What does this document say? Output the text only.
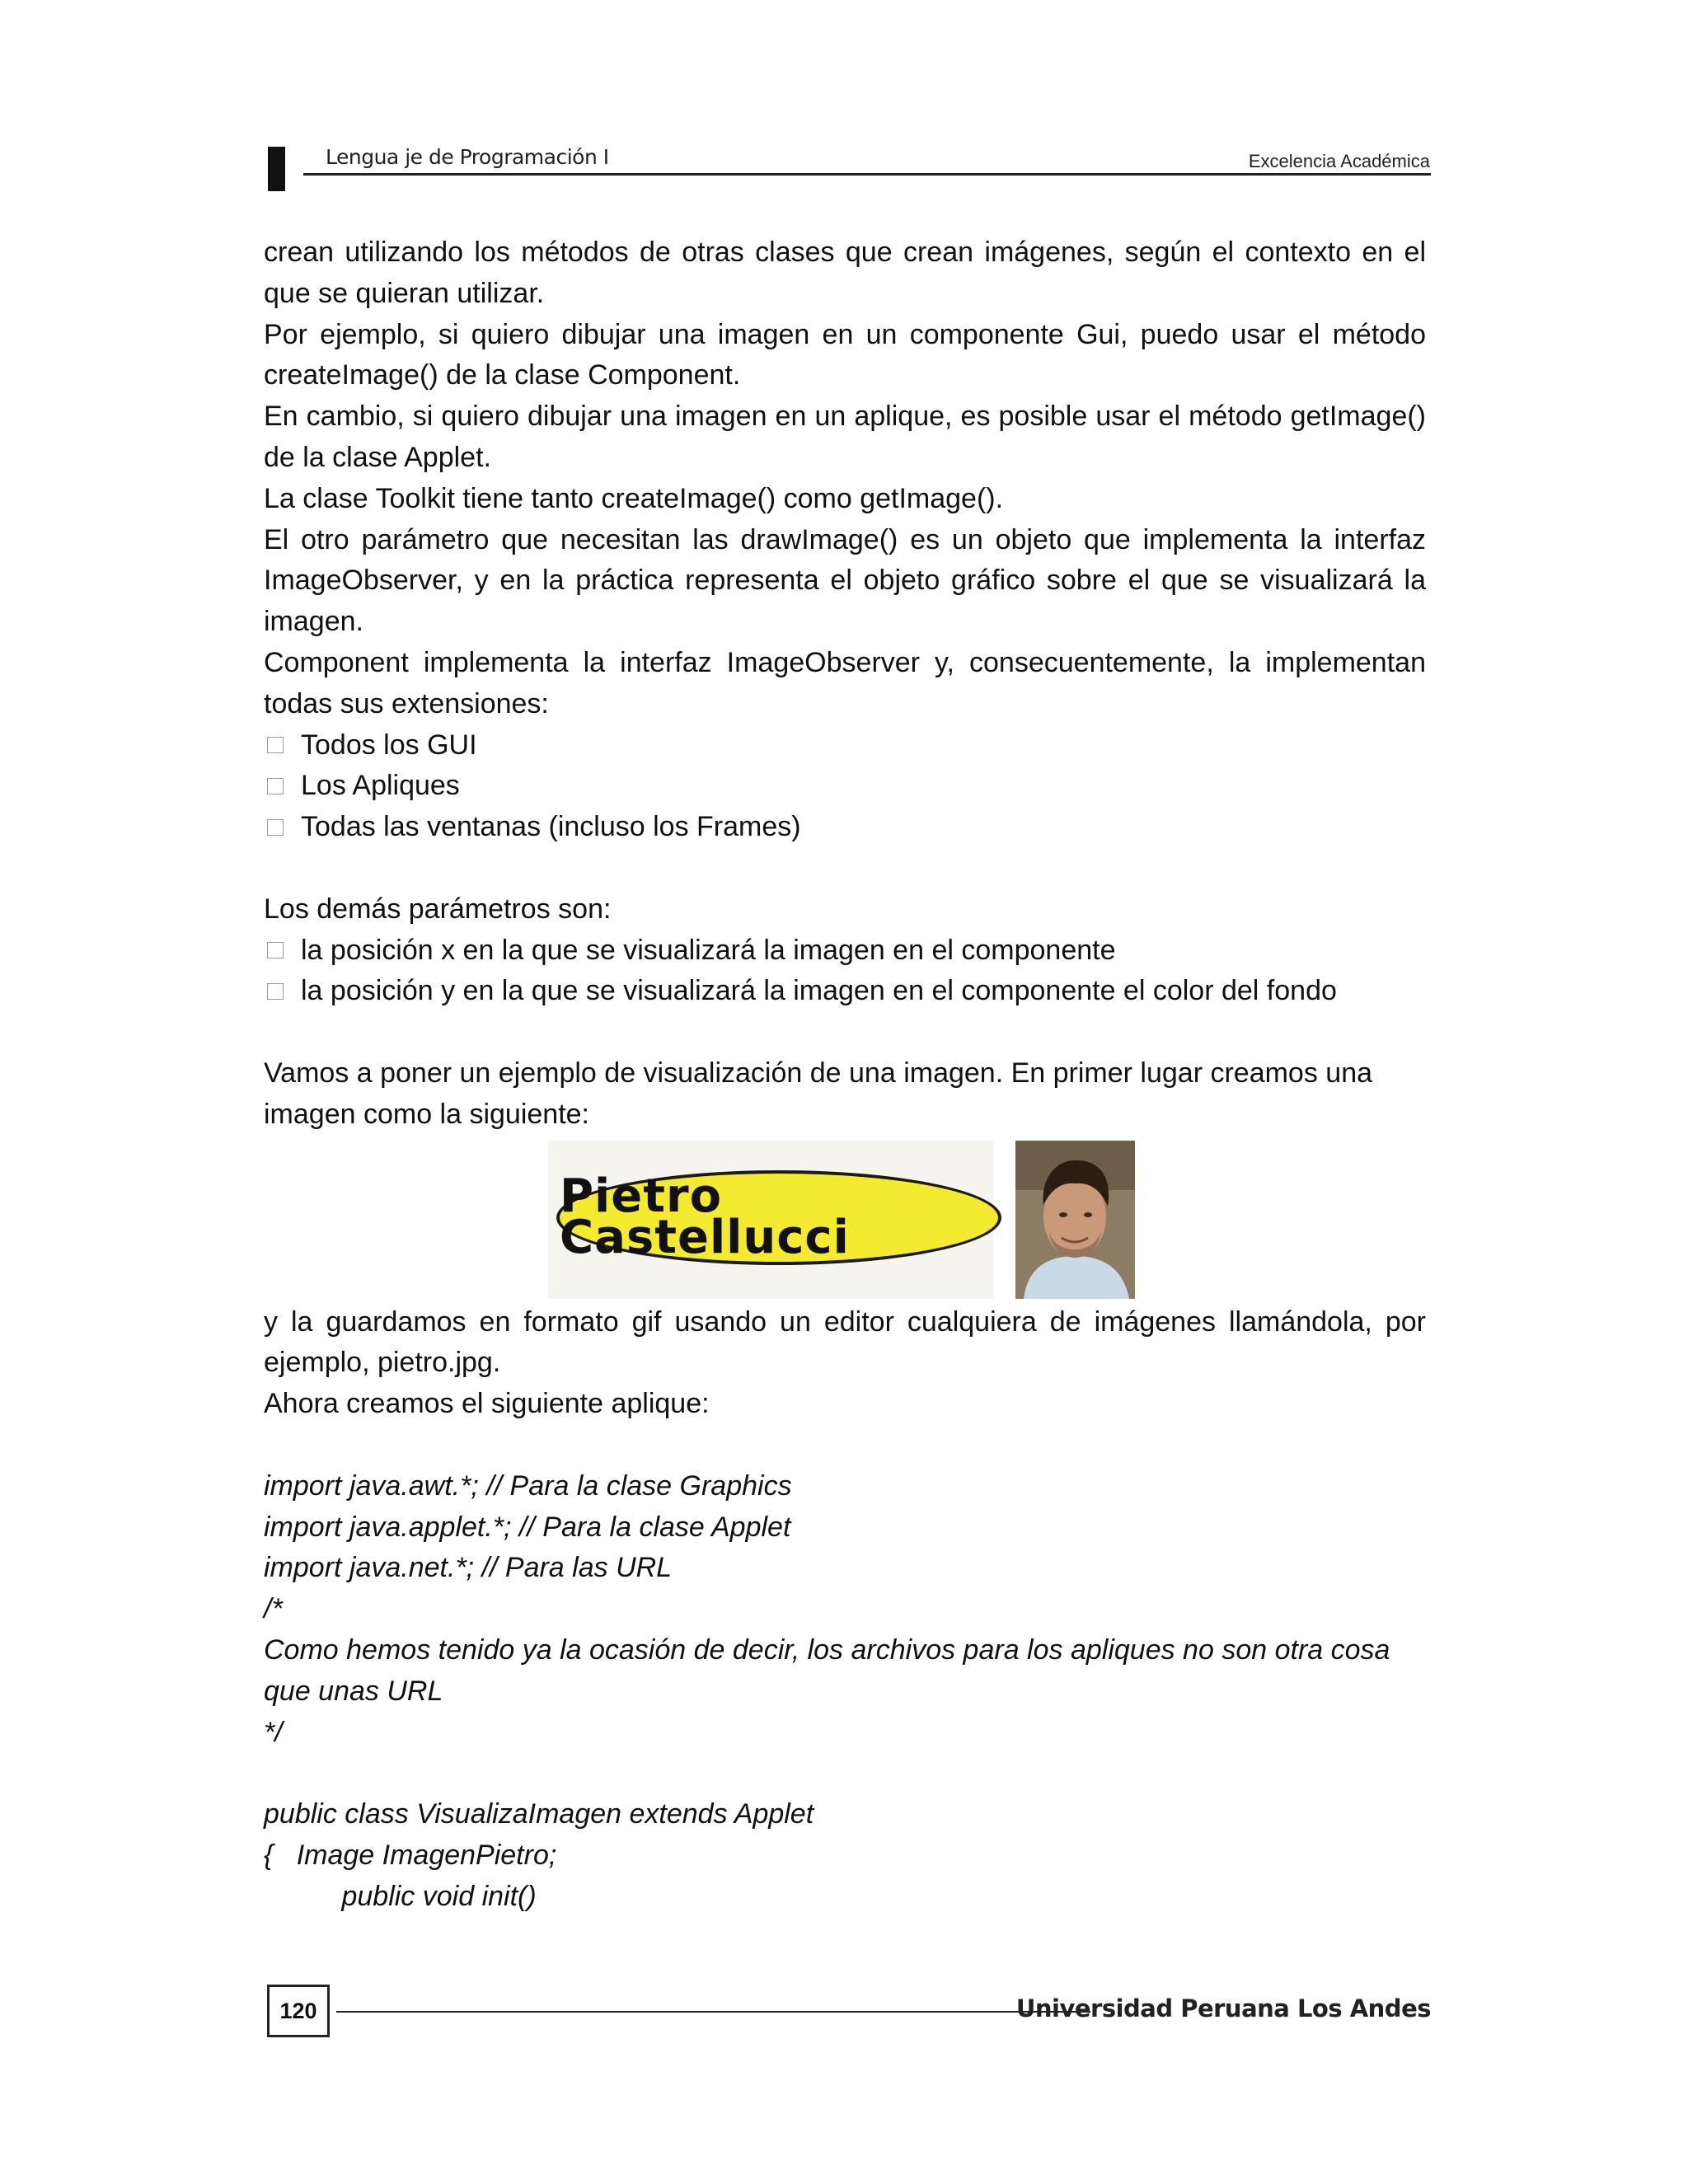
Lengua je de Programación I	Excelencia Académica

crean utilizando los métodos de otras clases que crean imágenes, según el contexto en el que se quieran utilizar.

Por ejemplo, si quiero dibujar una imagen en un componente Gui, puedo usar el método createImage() de la clase Component.

En cambio, si quiero dibujar una imagen en un aplique, es posible usar el método getImage() de la clase Applet.

La clase Toolkit tiene tanto createImage() como getImage().

El otro parámetro que necesitan las drawImage() es un objeto que implementa la interfaz ImageObserver, y en la práctica representa el objeto gráfico sobre el que se visualizará la imagen.

Component implementa la interfaz ImageObserver y, consecuentemente, la implementan todas sus extensiones:

Todos los GUI
Los Apliques
Todas las ventanas (incluso los Frames)

Los demás parámetros son:

la posición x en la que se visualizará la imagen en el componente
la posición y en la que se visualizará la imagen en el componente el color del fondo

Vamos a poner un ejemplo de visualización de una imagen. En primer lugar creamos una imagen como la siguiente:

Pietro Castellucci

y la guardamos en formato gif usando un editor cualquiera de imágenes llamándola, por ejemplo, pietro.jpg.

Ahora creamos el siguiente aplique:

import java.awt.*; // Para la clase Graphics

import java.applet.*; // Para la clase Applet

import java.net.*; // Para las URL

/*

Como hemos tenido ya la ocasión de decir, los archivos para los apliques no son otra cosa

que unas URL

*/

public class VisualizaImagen extends Applet

{   Image ImagenPietro;

public void init()

120	Universidad Peruana Los Andes
